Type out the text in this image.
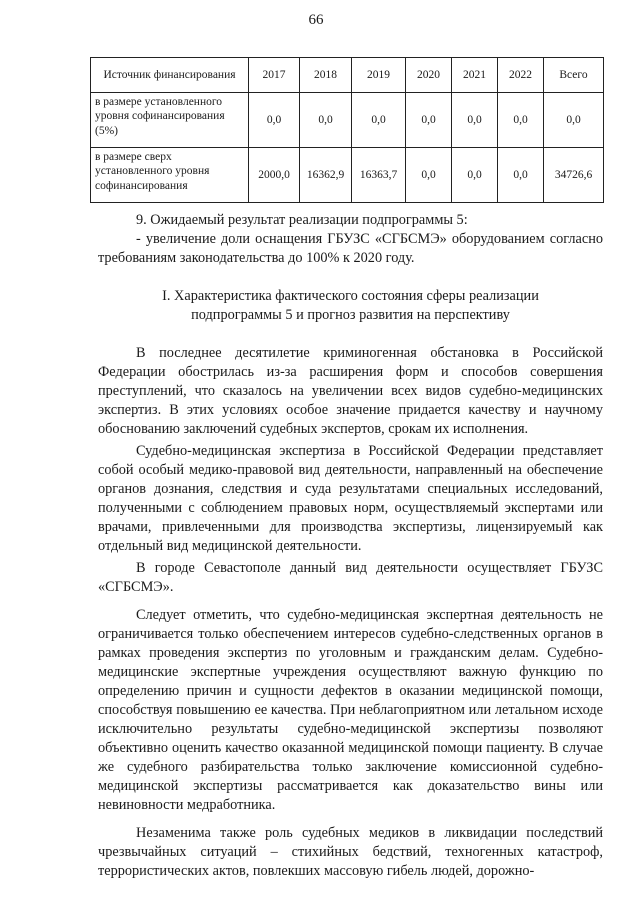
66
Источник финансирования	2017	2018	2019	2020	2021	2022	Всего
в размере установленного уровня софинансирования (5%)	0,0	0,0	0,0	0,0	0,0	0,0	0,0
в размере сверх установленного уровня софинансирования	2000,0	16362,9	16363,7	0,0	0,0	0,0	34726,6

9. Ожидаемый результат реализации подпрограммы 5:

- увеличение доли оснащения ГБУЗС «СГБСМЭ» оборудованием согласно требованиям законодательства до 100% к 2020 году.

I. Характеристика фактического состояния сферы реализации
подпрограммы 5 и прогноз развития на перспективу

В последнее десятилетие криминогенная обстановка в Российской Федерации обострилась из-за расширения форм и способов совершения преступлений, что сказалось на увеличении всех видов судебно-медицинских экспертиз. В этих условиях особое значение придается качеству и научному обоснованию заключений судебных экспертов, срокам их исполнения.

Судебно-медицинская экспертиза в Российской Федерации представляет собой особый медико-правовой вид деятельности, направленный на обеспечение органов дознания, следствия и суда результатами специальных исследований, полученными с соблюдением правовых норм, осуществляемый экспертами или врачами, привлеченными для производства экспертизы, лицензируемый как отдельный вид медицинской деятельности.

В городе Севастополе данный вид деятельности осуществляет ГБУЗС «СГБСМЭ».

Следует отметить, что судебно-медицинская экспертная деятельность не ограничивается только обеспечением интересов судебно-следственных органов в рамках проведения экспертиз по уголовным и гражданским делам. Судебно-медицинские экспертные учреждения осуществляют важную функцию по определению причин и сущности дефектов в оказании медицинской помощи, способствуя повышению ее качества. При неблагоприятном или летальном исходе исключительно результаты судебно-медицинской экспертизы позволяют объективно оценить качество оказанной медицинской помощи пациенту. В случае же судебного разбирательства только заключение комиссионной судебно-медицинской экспертизы рассматривается как доказательство вины или невиновности медработника.

Незаменима также роль судебных медиков в ликвидации последствий чрезвычайных ситуаций – стихийных бедствий, техногенных катастроф, террористических актов, повлекших массовую гибель людей, дорожно-
